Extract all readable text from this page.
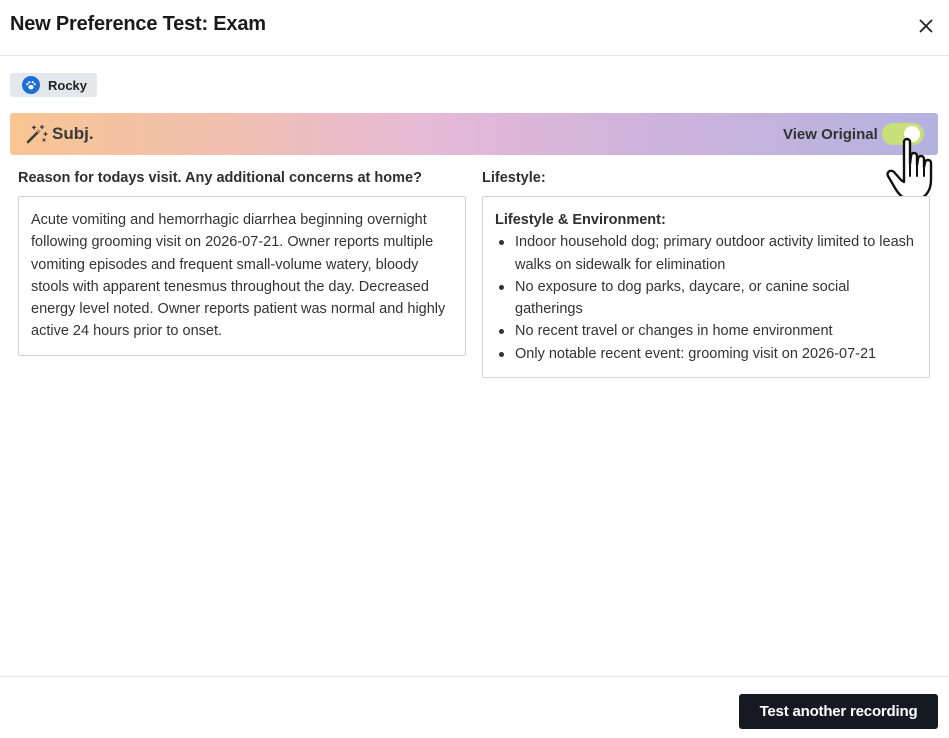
New Preference Test: Exam
Rocky
Subj.	View Original
Reason for todays visit. Any additional concerns at home?
Acute vomiting and hemorrhagic diarrhea beginning overnight following grooming visit on 2026-07-21. Owner reports multiple vomiting episodes and frequent small-volume watery, bloody stools with apparent tenesmus throughout the day. Decreased energy level noted. Owner reports patient was normal and highly active 24 hours prior to onset.
Lifestyle:
Lifestyle & Environment:
Indoor household dog; primary outdoor activity limited to leash walks on sidewalk for elimination
No exposure to dog parks, daycare, or canine social gatherings
No recent travel or changes in home environment
Only notable recent event: grooming visit on 2026-07-21
Test another recording
